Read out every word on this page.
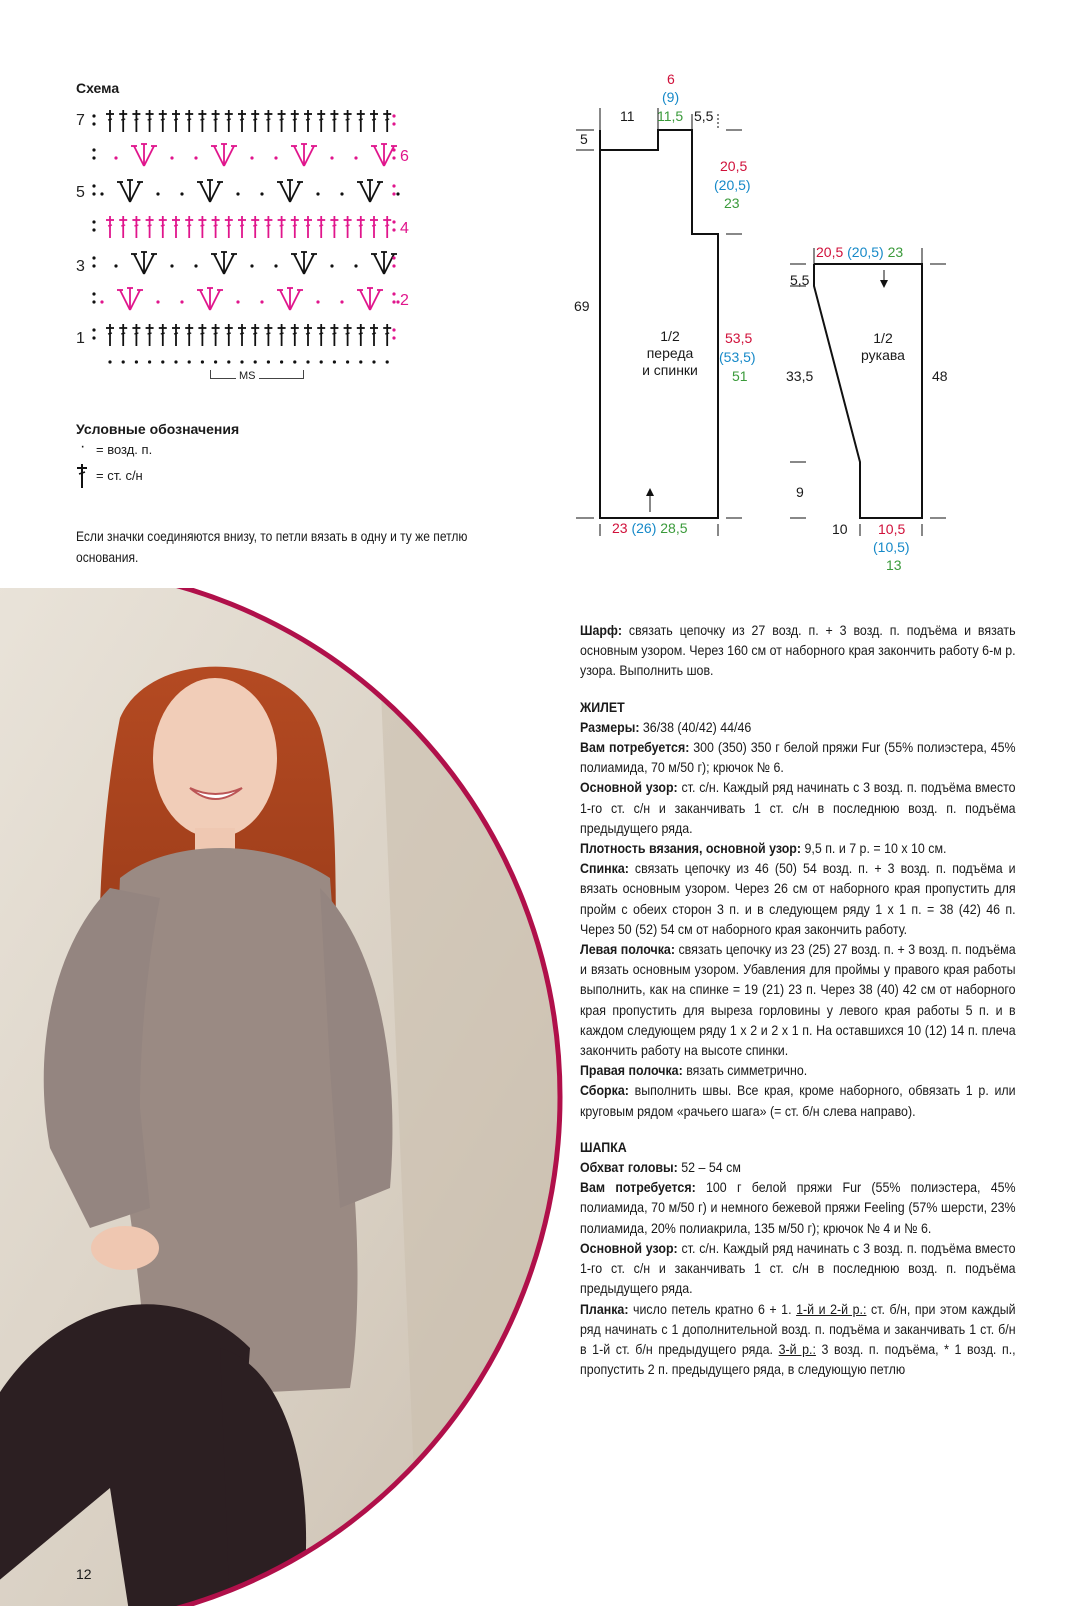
Схема
7
5
3
1
6
4
2
MS
Условные обозначения
· = возд. п.
= ст. с/н
Если значки соединяются внизу, то петли вязать в одну и ту же петлю основания.
6
(9)
11 11,5 5,5
5
69
20,5
(20,5)
23
53,5
(53,5)
51
1/2
переда
и спинки
23 (26) 28,5
20,5 (20,5) 23
5,5
33,5
9
48
1/2
рукава
10 10,5
(10,5)
13

Шарф: связать цепочку из 27 возд. п. + 3 возд. п. подъёма и вязать основным узором. Через 160 см от наборного края закончить работу 6-м р. узора. Выполнить шов.

ЖИЛЕТ

Размеры: 36/38 (40/42) 44/46

Вам потребуется: 300 (350) 350 г белой пряжи Fur (55% полиэстера, 45% полиамида, 70 м/50 г); крючок № 6.

Основной узор: ст. с/н. Каждый ряд начинать с 3 возд. п. подъёма вместо 1-го ст. с/н и заканчивать 1 ст. с/н в последнюю возд. п. подъёма предыдущего ряда.

Плотность вязания, основной узор: 9,5 п. и 7 р. = 10 х 10 см.

Спинка: связать цепочку из 46 (50) 54 возд. п. + 3 возд. п. подъёма и вязать основным узором. Через 26 см от наборного края пропустить для пройм с обеих сторон 3 п. и в следующем ряду 1 х 1 п. = 38 (42) 46 п. Через 50 (52) 54 см от наборного края закончить работу.

Левая полочка: связать цепочку из 23 (25) 27 возд. п. + 3 возд. п. подъёма и вязать основным узором. Убавления для проймы у правого края работы выполнить, как на спинке = 19 (21) 23 п. Через 38 (40) 42 см от наборного края пропустить для выреза горловины у левого края работы 5 п. и в каждом следующем ряду 1 х 2 и 2 х 1 п. На оставшихся 10 (12) 14 п. плеча закончить работу на высоте спинки.

Правая полочка: вязать симметрично.

Сборка: выполнить швы. Все края, кроме наборного, обвязать 1 р. или круговым рядом «рачьего шага» (= ст. б/н слева направо).

ШАПКА

Обхват головы: 52 – 54 см

Вам потребуется: 100 г белой пряжи Fur (55% полиэстера, 45% полиамида, 70 м/50 г) и немного бежевой пряжи Feeling (57% шерсти, 23% полиамида, 20% полиакрила, 135 м/50 г); крючок № 4 и № 6.

Основной узор: ст. с/н. Каждый ряд начинать с 3 возд. п. подъёма вместо 1-го ст. с/н и заканчивать 1 ст. с/н в последнюю возд. п. подъёма предыдущего ряда.

Планка: число петель кратно 6 + 1. 1-й и 2-й р.: ст. б/н, при этом каждый ряд начинать с 1 дополнительной возд. п. подъёма и заканчивать 1 ст. б/н в 1-й ст. б/н предыдущего ряда. 3-й р.: 3 возд. п. подъёма, * 1 возд. п., пропустить 2 п. предыдущего ряда, в следующую петлю

12
